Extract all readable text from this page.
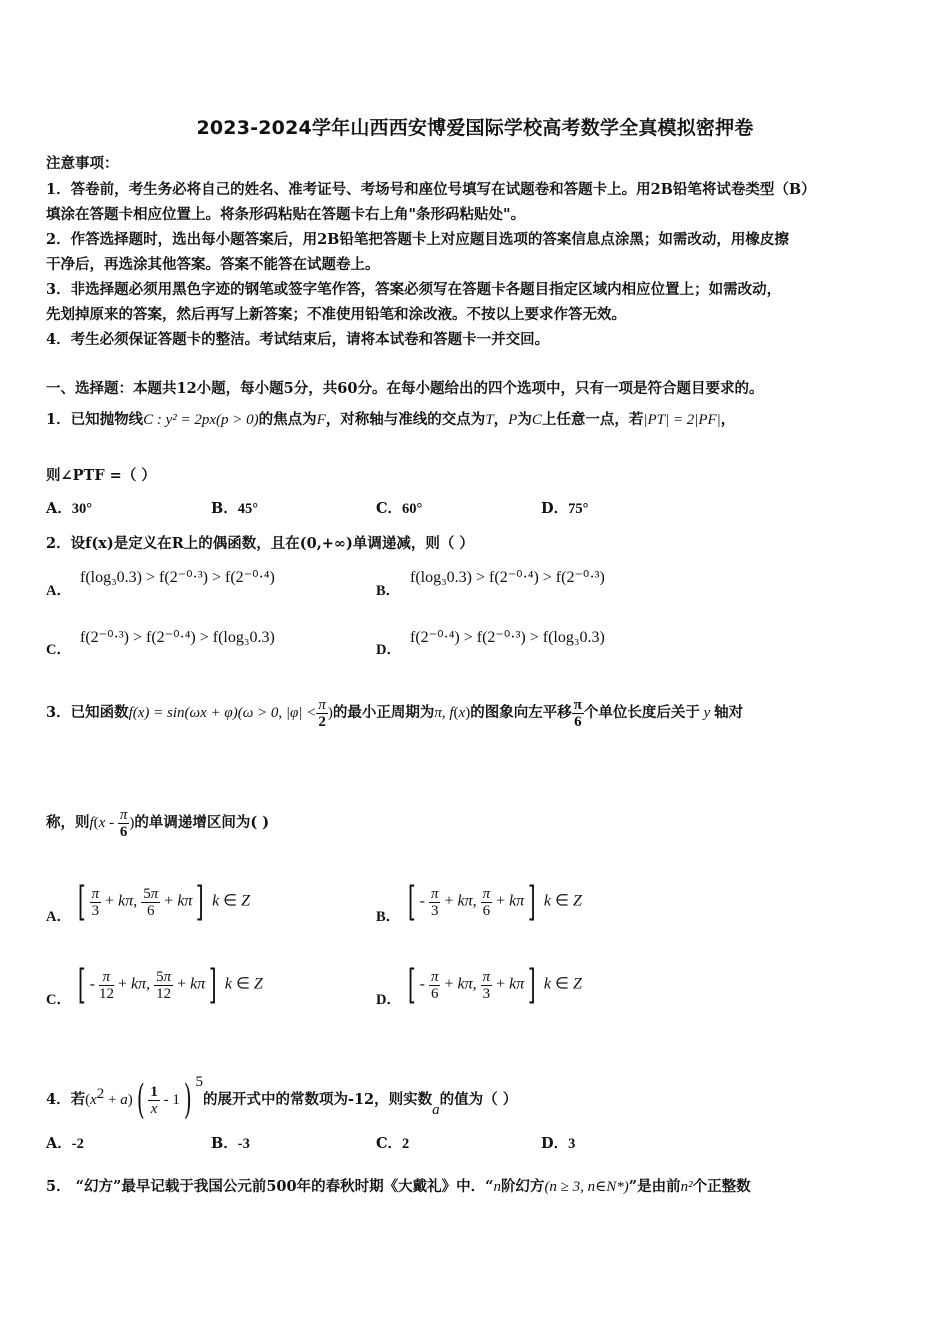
2023-2024学年山西西安博爱国际学校高考数学全真模拟密押卷
注意事项：
1．答卷前，考生务必将自己的姓名、准考证号、考场号和座位号填写在试题卷和答题卡上。用2B铅笔将试卷类型（B）
填涂在答题卡相应位置上。将条形码粘贴在答题卡右上角"条形码粘贴处"。
2．作答选择题时，选出每小题答案后，用2B铅笔把答题卡上对应题目选项的答案信息点涂黑；如需改动，用橡皮擦
干净后，再选涂其他答案。答案不能答在试题卷上。
3．非选择题必须用黑色字迹的钢笔或签字笔作答，答案必须写在答题卡各题目指定区域内相应位置上；如需改动，
先划掉原来的答案，然后再写上新答案；不准使用铅笔和涂改液。不按以上要求作答无效。
4．考生必须保证答题卡的整洁。考试结束后，请将本试卷和答题卡一并交回。
一、选择题：本题共12小题，每小题5分，共60分。在每小题给出的四个选项中，只有一项是符合题目要求的。
1．已知抛物线C : y² = 2px(p > 0)的焦点为F，对称轴与准线的交点为T，P为C上任意一点，若|PT| = 2|PF|，
则∠PTF =（ ）
A．30°	B．45°	C．60°	D．75°
2．设f(x)是定义在R上的偶函数，且在(0,+∞)单调递减，则（ ）
A．
f(log₃0.3) > f(2⁻⁰·³) > f(2⁻⁰·⁴)
B．
f(log₃0.3) > f(2⁻⁰·⁴) > f(2⁻⁰·³)
C．
f(2⁻⁰·³) > f(2⁻⁰·⁴) > f(log₃0.3)
D．
f(2⁻⁰·⁴) > f(2⁻⁰·³) > f(log₃0.3)
3．已知函数f(x) = sin(ωx + φ)(ω > 0, $|\varphi| < \frac{\pi}{2}$ )的最小正周期为π, f(x)的图象向左平移 $\frac{\pi}{6}$ 个单位长度后关于 y 轴对
称，则$f(x - \frac{\pi}{6}$ )的单调递增区间为( )
A． [ $\frac{\pi}{3} + k\pi$, $\frac{5\pi}{6} + k\pi$] k ∈ Z
B． [ - $\frac{\pi}{3} + k\pi$, $\frac{\pi}{6} + k\pi$] k ∈ Z
C． [ - $\frac{\pi}{12} + k\pi$, $\frac{5\pi}{12} + k\pi$] k ∈ Z
D． [ - $\frac{\pi}{6} + k\pi$, $\frac{\pi}{3} + k\pi$] k ∈ Z
4．若$(x^2 + a)( \frac{1}{x} - 1)$ $^5$的展开式中的常数项为-12，则实数a的值为（ ）
A．-2	B．-3	C．2	D．3
5． “幻方”最早记载于我国公元前500年的春秋时期《大戴礼》中．“n阶幻方(n ≥ 3, n∈N*)”是由前n²个正整数
